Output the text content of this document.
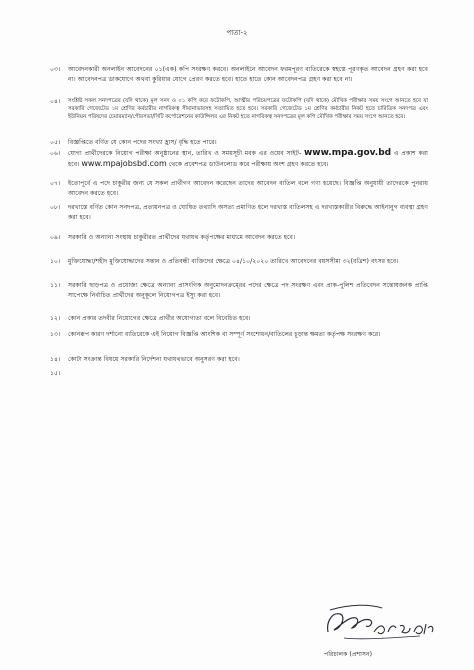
পাতা-২
০৩।	আবেদনকারী অনলাইন আবেদনের ০১(এক) কপি সংরক্ষণ করবে। অনলাইনে আবেদন ফরমপূরণ ব্যতিরেকে স্বহস্তে পূরণকৃত আবেদন গ্রহণ করা হবে না। আবেদনপত্র ডাকযোগে অথবা কুরিয়ার যোগে প্রেরণ করতে হবে। হাতে হাতে কোন আবেদনপত্র গ্রহণ করা হবে না।
০৪।	সংশ্লিষ্ট সকল সনদপত্রের (যদি থাকে) মূল সনদ ও ০১ কপি করে ফটোকপি, আত্মীয় পরিচয়পত্রের ফটোকপি (যদি থাকে) মৌখিক পরীক্ষার সময় সংগে আনতে হবে যা সরকারি গেজেটেড ১ম শ্রেণির কর্মচারীর নাগরিকত্ব সীমানাভারসহ সত্যায়িত হতে হবে। সরকারি গেজেটেড ১ম শ্রেণির কর্মচারীর নিকট হতে চারিত্রিক সনদপত্র এবং ইউনিয়ন পরিষদের চেয়ারম্যান/পৌরসভা/সিটি কর্পোরেশনের কাউন্সিলর এর নিকট হতে নাগরিকত্ব সনদপত্রের মূল কপি মৌখিক পরীক্ষার সময় সংগে আনতে হবে।
০৫।	বিজ্ঞপ্তিতে বর্ণিত যে কোন পদের সংখ্যা হ্রাস/ বৃদ্ধি হতে পারে।
০৬।	যোগ্য প্রার্থীদেরকে নিয়োগ পরীক্ষা অনুষ্ঠানের স্থান, তারিখ ও সময়সূচী মবক এর ওয়েব সাইট- www.mpa.gov.bd এ প্রকাশ করা হবে। www.mpajobsbd.com থেকে প্রবেশপত্র ডাউনলোড করে পরীক্ষায় অংশ গ্রহণ করতে হবে।
০৭।	ইতোপূর্বে এ পদে চাকুরীর জন্য যে সকল প্রার্থীগণ আবেদন করেছেন তাদের আবেদন বাতিল বলে গণ্য হয়েছে। বিজ্ঞপ্তি অনুযায়ী তাদেরকে পুনরায় আবেদন করতে হবে।
০৮।	দরখাস্তে বর্ণিত কোন সনদপত্র, প্রত্যয়নপত্র ও ঘোষিত তথ্যাদি অসত্য প্রমাণিত হলে দরখাস্ত বাতিলসহ এ দরখাস্তকারীর বিরুদ্ধে আইনানুগ ব্যবস্থা গ্রহণ করা হবে।
০৯।	সরকারি ও অন্যান্য সংস্থায় চাকুরীরত প্রার্থীদের যথাযথ কর্তৃপক্ষের মাধ্যমে আবেদন করতে হবে।
১০।	মুক্তিযোদ্ধা/শহীদ মুক্তিযোদ্ধাদের সন্তান ও প্রতিবন্ধী ব্যক্তিদের ক্ষেত্রে ০৪/১০/২০২০ তারিখে আবেদনের বয়সসীমা ৩২(বত্রিশ) বৎসর হবে।
১১।	সরকারি ছাড়পত্র ও প্রযোজ্য ক্ষেত্রে অন্যান্য প্রাসংগিক অনুমোদনক্রমে্রর পদের ক্ষেত্রে পদ সংরক্ষণ এবং প্রাক-পুলিশ প্রতিবেদন সন্তোষজনক প্রাপ্তি সাপেক্ষে নির্বাচিত প্রার্থীদের অনুকূলে নিয়োগপত্র ইস্যু করা হবে।
১২।	কোন প্রকার তদবীর নিয়োগের ক্ষেত্রে প্রার্থীর অযোগ্যতা বলে বিবেচিত হবে।
১৩।	কোনরূপ কারণ দর্শানো ব্যতিরেকে এই নিয়োগ বিজ্ঞপ্তি আংশিক বা সম্পূর্ণ সংশোধন/বাতিলের চূড়ান্ত ক্ষমতা কর্তৃপক্ষ সংরক্ষণ করে।
১৪।	কোটা সংক্রান্ত বিষয়ে সরকারি নির্দেশনা যথাযথভাবে অনুসরণ করা হবে।
১৫।
পরিচালক (প্রশাসন)
